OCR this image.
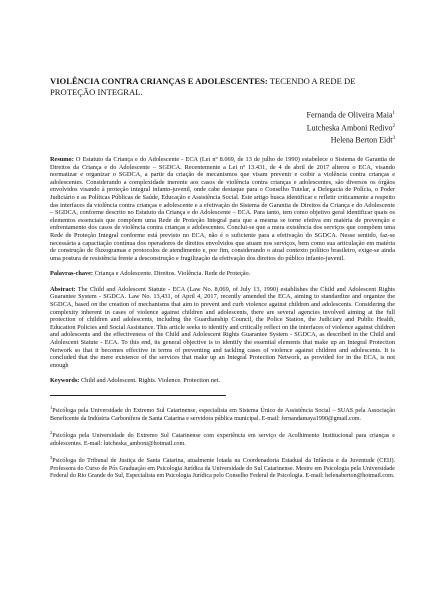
VIOLÊNCIA CONTRA CRIANÇAS E ADOLESCENTES: TECENDO A REDE DE PROTEÇÃO INTEGRAL.

Fernanda de Oliveira Maia$^1$
Lutcheska Amboni Redivo$^2$
Helena Berton Eidt$^3$

Resumo: O Estatuto da Criança e do Adolescente - ECA (Lei nº 8.069, de 13 de julho de 1990) estabelece o Sistema de Garantia de Direitos da Criança e do Adolescente – SGDCA. Recentemente a Lei nº 13.431, de 4 de abril de 2017 alterou o ECA, visando normatizar e organizar o SGDCA, a partir da criação de mecanismos que visam prevenir e coibir a violência contra crianças e adolescentes. Considerando a complexidade inerente aos casos de violência contra crianças e adolescentes, são diversos os órgãos envolvidos visando à proteção integral infanto-juvenil, onde cabe destaque para o Conselho Tutelar, a Delegacia de Polícia, o Poder Judiciário e as Políticas Públicas de Saúde, Educação e Assistência Social. Este artigo busca identificar e refletir criticamente a respeito das interfaces da violência contra crianças e adolescente e a efetivação do Sistema de Garantia de Direitos da Criança e do Adolescente – SGDCA, conforme descrito no Estatuto da Criança e do Adolescente – ECA. Para tanto, tem como objetivo geral identificar quais os elementos essenciais que compõem uma Rede de Proteção Integral para que a mesma se torne efetiva em matéria de prevenção e enfrentamento dos casos de violência contra crianças e adolescentes. Conclui-se que a mera existência dos serviços que compõem uma Rede de Proteção Integral conforme está previsto no ECA, não é o suficiente para a efetivação do SGDCA. Nesse sentido, faz-se necessária a capacitação contínua dos operadores de direitos envolvidos que atuam nos serviços, bem como sua articulação em matéria de construção de fluxogramas e protocolos de atendimento e, por fim, considerando o atual contexto político brasileiro, exige-se ainda uma postura de resistência frente a desconstrução e fragilização da efetivação dos direitos do público infanto-juvenil.

Palavras-chave: Criança e Adolescente. Direitos. Violência. Rede de Proteção.

Abstract: The Child and Adolescent Statute - ECA (Law No. 8,069, of July 13, 1990) establishes the Child and Adolescent Rights Guarantee System - SGDCA. Law No. 13,431, of April 4, 2017, recently amended the ECA, aiming to standardize and organize the SGDCA, based on the creation of mechanisms that aim to prevent and curb violence against children and adolescents. Considering the complexity inherent in cases of violence against children and adolescents, there are several agencies involved aiming at the full protection of children and adolescents, including the Guardianship Council, the Police Station, the Judiciary and Public Health, Education Policies and Social Assistance. This article seeks to identify and critically reflect on the interfaces of violence against children and adolescents and the effectiveness of the Child and Adolescent Rights Guarantee System - SGDCA, as described in the Child and Adolescent Statute - ECA. To this end, its general objective is to identify the essential elements that make up an Integral Protection Network so that it becomes effective in terms of preventing and tackling cases of violence against children and adolescents. It is concluded that the mere existence of the services that make up an Integral Protection Network, as provided for in the ECA, is not enough

Keywords: Child and Adolescent. Rights. Violence. Protection net.

$^1$Psicóloga pela Universidade do Extremo Sul Catarinense, especialista em Sistema Único de Assistência Social – SUAS pela Associação Beneficente da Indústria Carbonífera de Santa Catarina e servidora pública municipal. E-mail: fernandamaya1990@gmail.com.

$^2$Psicóloga pela Universidade do Extremo Sul Catarinense com experiência em serviço de Acolhimento Institucional para crianças e adolescentes. E-mail: lutcheska_amboni@hotmail.com.

$^3$Psicóloga do Tribunal de Justiça de Santa Catarina, atualmente lotada na Coordenadoria Estadual da Infância e da Juventude (CEIJ). Professora do Curso de Pós Graduação em Psicologia Jurídica da Universidade do Sul Catarinense. Mestre em Psicologia pela Universidade Federal do Rio Grande do Sul, Especialista em Psicologia Jurídica pelo Conselho Federal de Psicologia. E-mail: helenaberton@hotmail.com.
